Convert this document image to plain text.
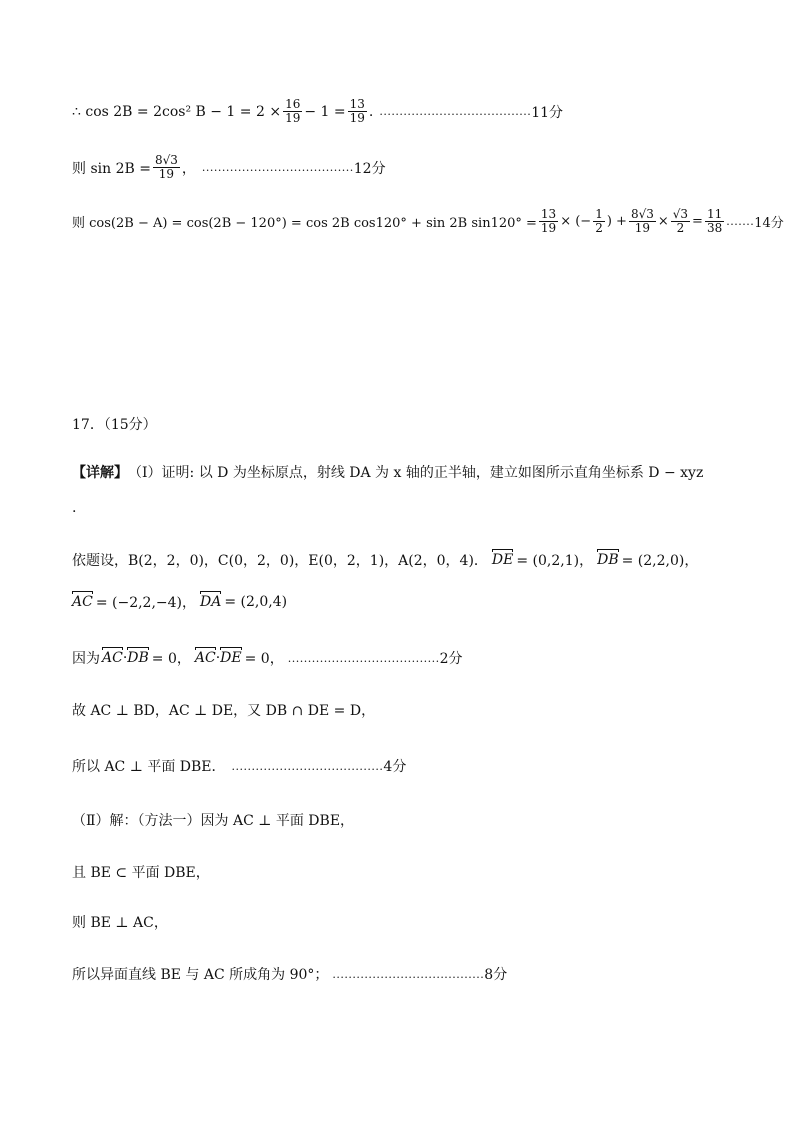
∴ cos 2B = 2cos² $B - 1 = 2 \times \frac{16}{19} - 1 = \frac{13}{19}$ . ...................................... 11分
则 $\sin 2B = \frac{8√3}{19}$ ， ...................................... 12分
则 cos(2B − A) = cos(2B − 120°) = cos 2B cos120° + sin 2B $\sin 120^\circ = \frac{13}{19}$ × (− $\frac{1}{2}$ ) + $\frac{8√3}{19} \times \frac{√3}{2} = \frac{11}{38}$ ....... 14分
17．（15分）
【详解】 （Ⅰ）证明: 以 D 为坐标原点，射线 DA 为 x 轴的正半轴，建立如图所示直角坐标系 D − xyz
.
依题设，B(2，2，0)，C(0，2，0)，E(0，2，1)，A(2，0，4)． DE = (0,2,1)， DB = (2,2,0)，
AC = (−2,2,−4)， DA = (2,0,4)
因为 AC · DB = 0， AC · DE = 0， ...................................... 2分
故 AC ⊥ BD，AC ⊥ DE，又 DB ∩ DE = D，
所以 AC ⊥ 平面 DBE． ...................................... 4分
（Ⅱ）解：（方法一）因为 AC ⊥ 平面 DBE，
且 BE ⊂ 平面 DBE，
则 BE ⊥ AC，
所以异面直线 BE 与 AC 所成角为 90°； ...................................... 8分
